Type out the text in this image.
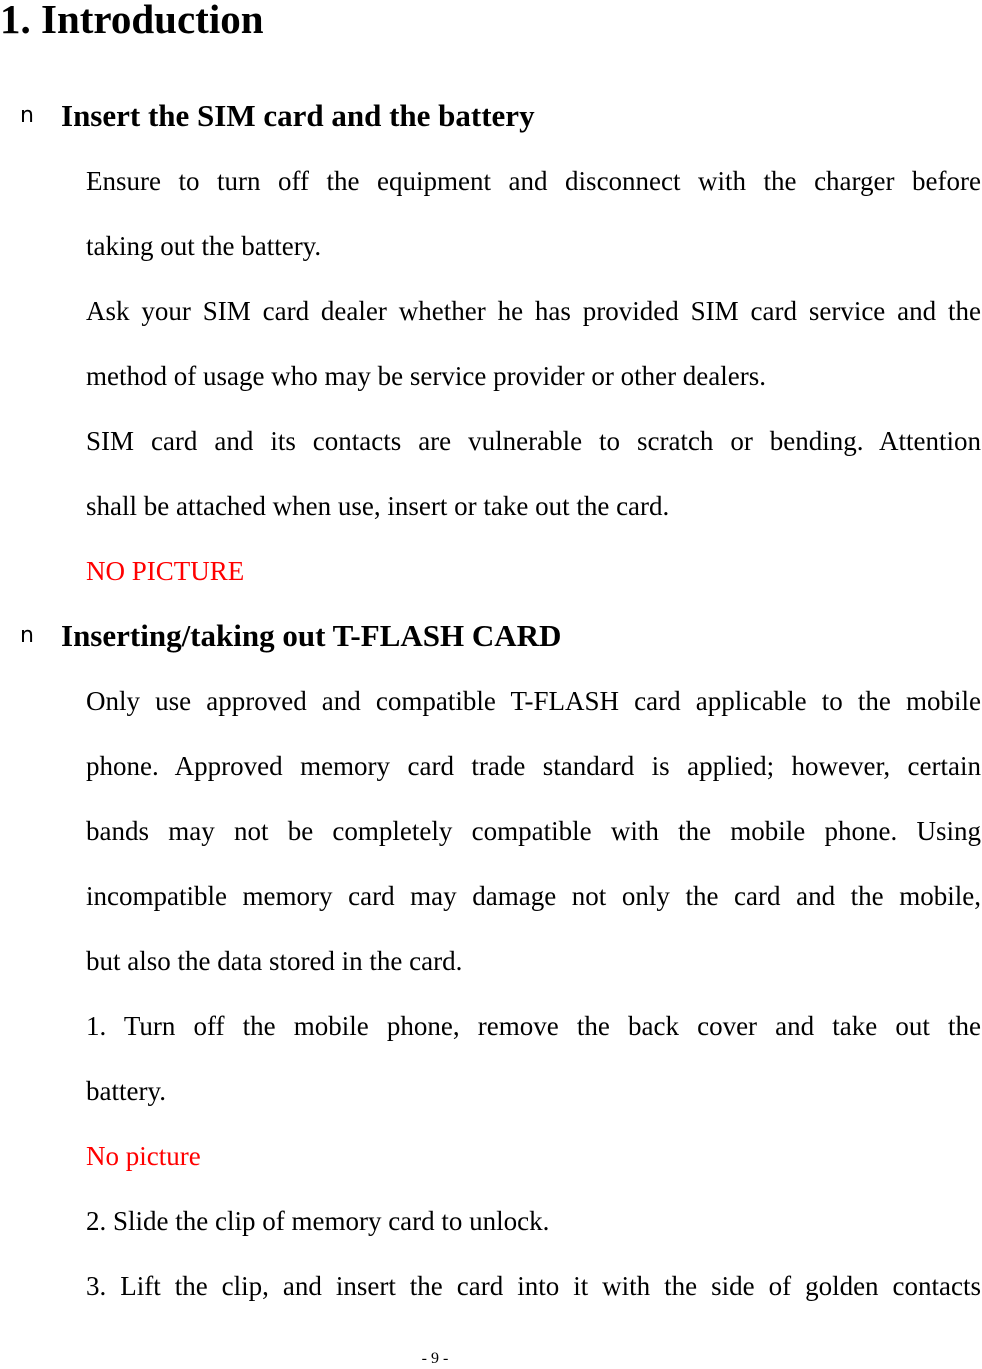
1. Introduction
n Insert the SIM card and the battery

Ensure to turn off the equipment and disconnect with the charger before

taking out the battery.

Ask your SIM card dealer whether he has provided SIM card service and the

method of usage who may be service provider or other dealers.

SIM card and its contacts are vulnerable to scratch or bending. Attention

shall be attached when use, insert or take out the card.

NO PICTURE

n Inserting/taking out T-FLASH CARD

Only use approved and compatible T-FLASH card applicable to the mobile

phone. Approved memory card trade standard is applied; however, certain

bands may not be completely compatible with the mobile phone. Using

incompatible memory card may damage not only the card and the mobile,

but also the data stored in the card.

1. Turn off the mobile phone, remove the back cover and take out the

battery.

No picture

2. Slide the clip of memory card to unlock.

3. Lift the clip, and insert the card into it with the side of golden contacts

- 9 -
